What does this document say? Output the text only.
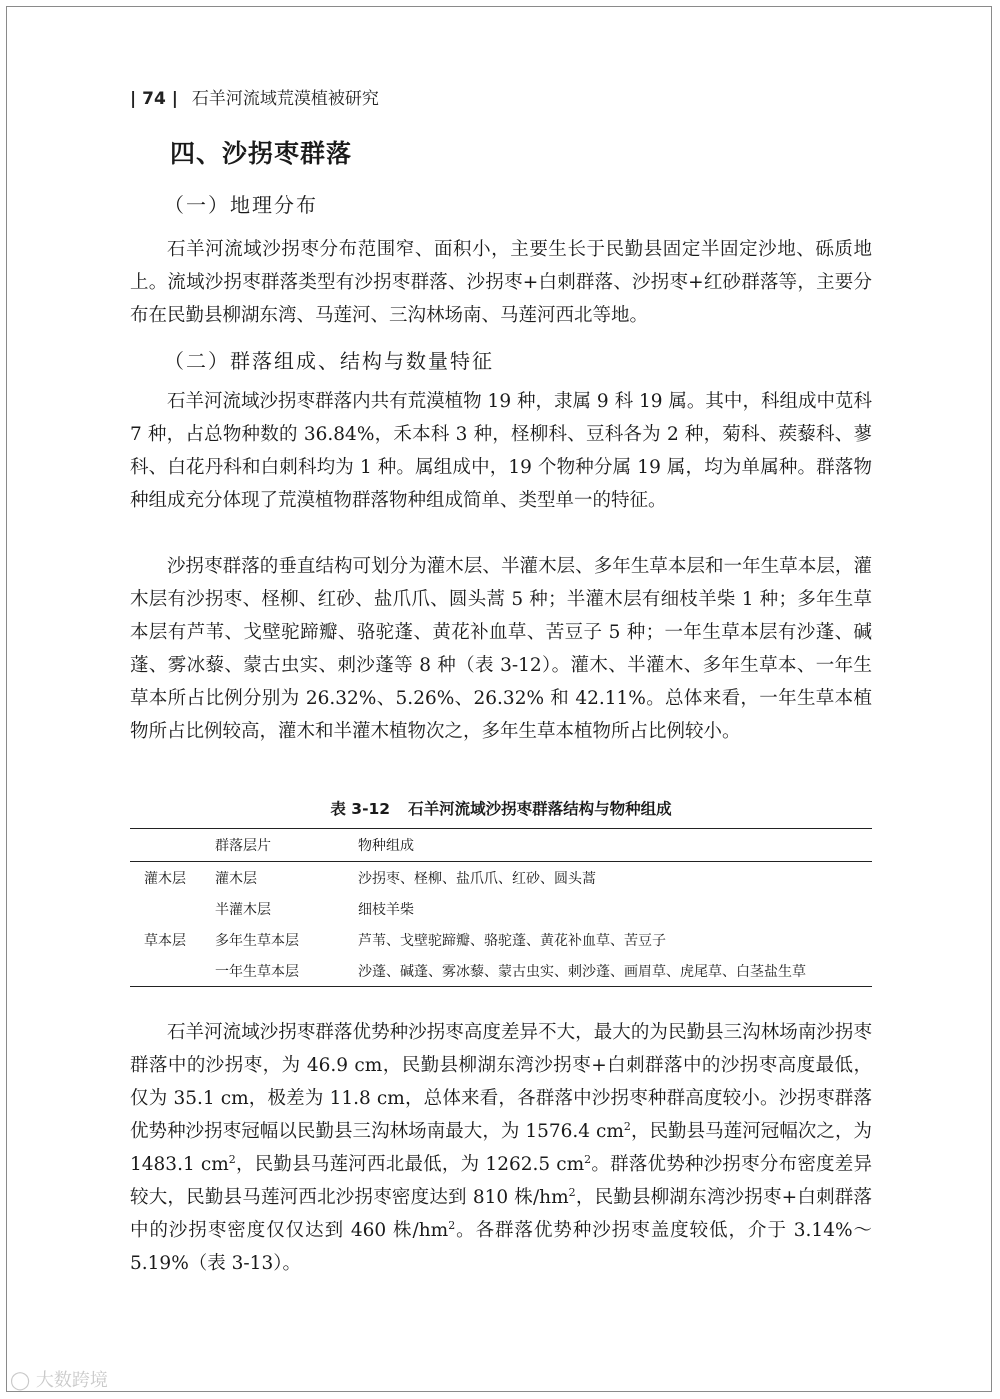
| 74 | 石羊河流域荒漠植被研究
四、沙拐枣群落
（一）地理分布

石羊河流域沙拐枣分布范围窄、面积小，主要生长于民勤县固定半固定沙地、砾质地上。流域沙拐枣群落类型有沙拐枣群落、沙拐枣+白刺群落、沙拐枣+红砂群落等，主要分布在民勤县柳湖东湾、马莲河、三沟林场南、马莲河西北等地。

（二）群落组成、结构与数量特征

石羊河流域沙拐枣群落内共有荒漠植物 19 种，隶属 9 科 19 属。其中，科组成中苋科 7 种，占总物种数的 36.84%，禾本科 3 种，柽柳科、豆科各为 2 种，菊科、蒺藜科、蓼科、白花丹科和白刺科均为 1 种。属组成中，19 个物种分属 19 属，均为单属种。群落物种组成充分体现了荒漠植物群落物种组成简单、类型单一的特征。

沙拐枣群落的垂直结构可划分为灌木层、半灌木层、多年生草本层和一年生草本层，灌木层有沙拐枣、柽柳、红砂、盐爪爪、圆头蒿 5 种；半灌木层有细枝羊柴 1 种；多年生草本层有芦苇、戈壁驼蹄瓣、骆驼蓬、黄花补血草、苦豆子 5 种；一年生草本层有沙蓬、碱蓬、雾冰藜、蒙古虫实、刺沙蓬等 8 种（表 3-12）。灌木、半灌木、多年生草本、一年生草本所占比例分别为 26.32%、5.26%、26.32% 和 42.11%。总体来看，一年生草本植物所占比例较高，灌木和半灌木植物次之，多年生草本植物所占比例较小。

表 3-12 石羊河流域沙拐枣群落结构与物种组成
	群落层片	物种组成
灌木层	灌木层	沙拐枣、柽柳、盐爪爪、红砂、圆头蒿
	半灌木层	细枝羊柴
草本层	多年生草本层	芦苇、戈壁驼蹄瓣、骆驼蓬、黄花补血草、苦豆子
	一年生草本层	沙蓬、碱蓬、雾冰藜、蒙古虫实、刺沙蓬、画眉草、虎尾草、白茎盐生草

石羊河流域沙拐枣群落优势种沙拐枣高度差异不大，最大的为民勤县三沟林场南沙拐枣群落中的沙拐枣，为 46.9 cm，民勤县柳湖东湾沙拐枣+白刺群落中的沙拐枣高度最低，仅为 35.1 cm，极差为 11.8 cm，总体来看，各群落中沙拐枣种群高度较小。沙拐枣群落优势种沙拐枣冠幅以民勤县三沟林场南最大，为 1576.4 $cm^2$，民勤县马莲河冠幅次之，为 1483.1 $cm^2$，民勤县马莲河西北最低，为 1262.5 $cm^2$。群落优势种沙拐枣分布密度差异较大，民勤县马莲河西北沙拐枣密度达到 810 株$/hm^2$，民勤县柳湖东湾沙拐枣+白刺群落中的沙拐枣密度仅仅达到 460 株$/hm^2$。各群落优势种沙拐枣盖度较低，介于 3.14%～5.19%（表 3-13）。

◯ 大数跨境
